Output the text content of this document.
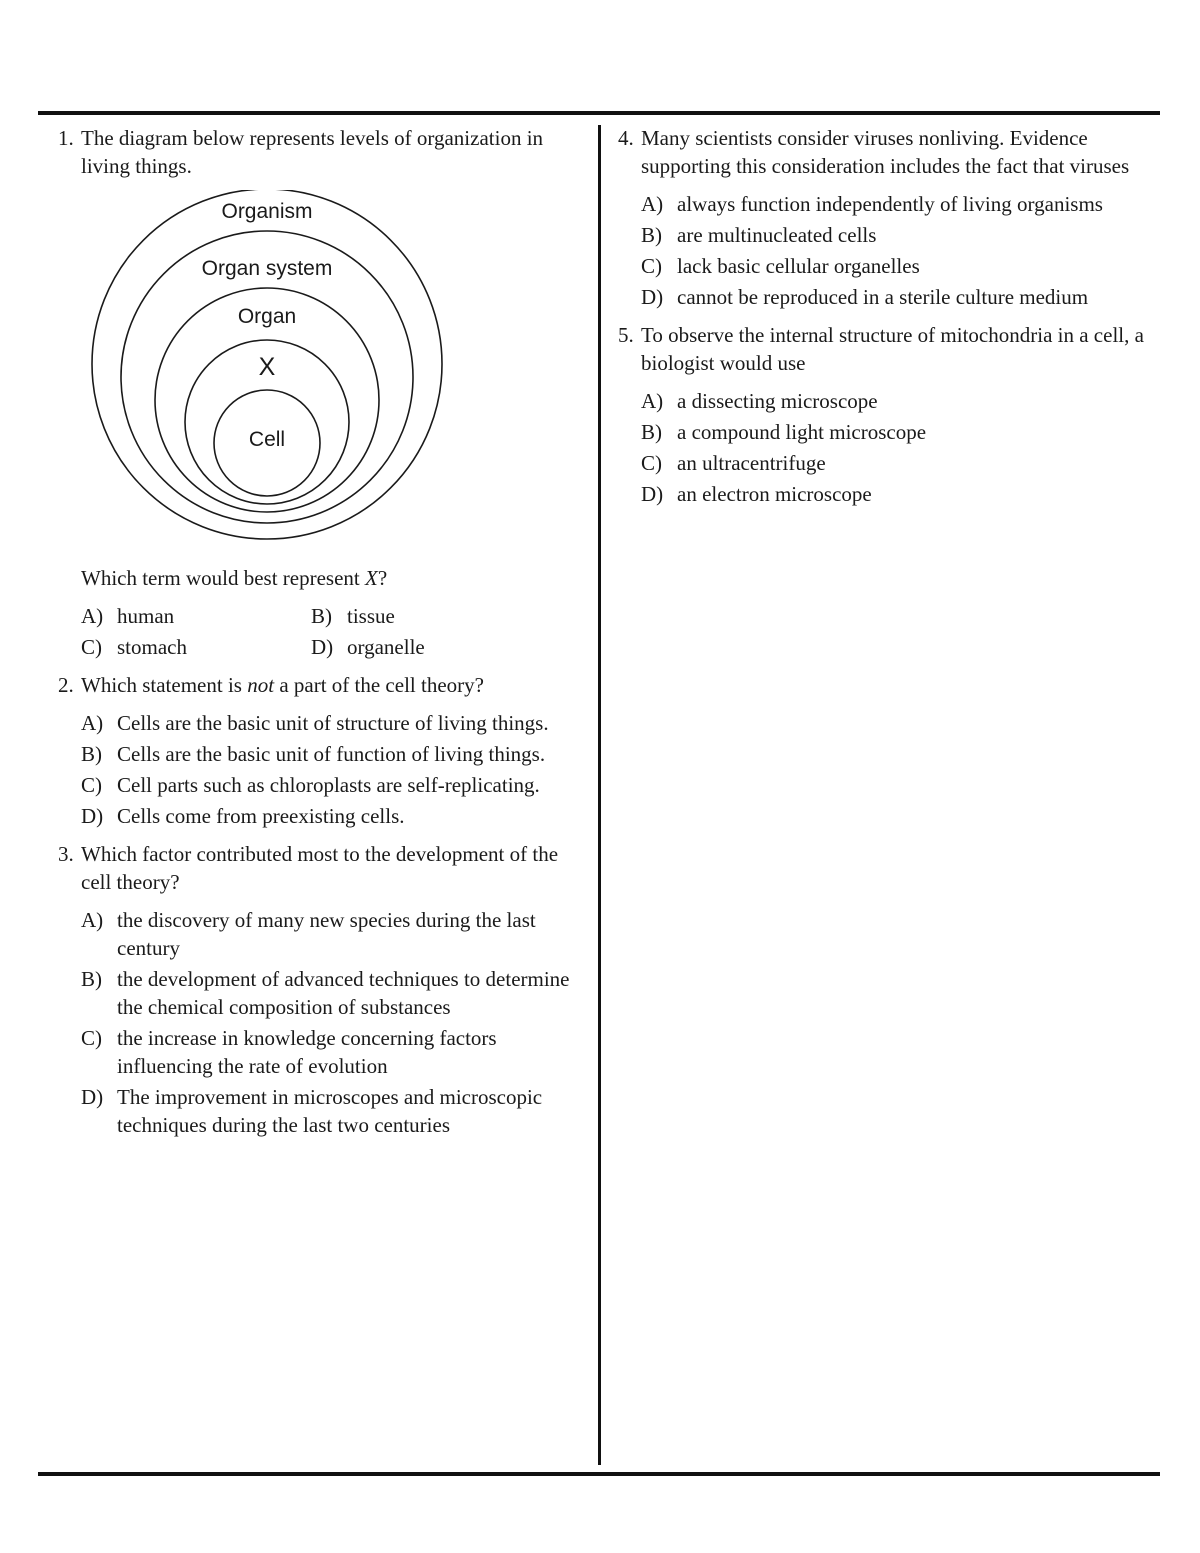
1. The diagram below represents levels of organization in living things.
Organism
Organ system
Organ
X
Cell
Which term would best represent X?
A) human	B) tissue
C) stomach	D) organelle
2. Which statement is not a part of the cell theory?
A) Cells are the basic unit of structure of living things.
B) Cells are the basic unit of function of living things.
C) Cell parts such as chloroplasts are self-replicating.
D) Cells come from preexisting cells.
3. Which factor contributed most to the development of the cell theory?
A) the discovery of many new species during the last century
B) the development of advanced techniques to determine the chemical composition of substances
C) the increase in knowledge concerning factors influencing the rate of evolution
D) The improvement in microscopes and microscopic techniques during the last two centuries
4. Many scientists consider viruses nonliving. Evidence supporting this consideration includes the fact that viruses
A) always function independently of living organisms
B) are multinucleated cells
C) lack basic cellular organelles
D) cannot be reproduced in a sterile culture medium
5. To observe the internal structure of mitochondria in a cell, a biologist would use
A) a dissecting microscope
B) a compound light microscope
C) an ultracentrifuge
D) an electron microscope
